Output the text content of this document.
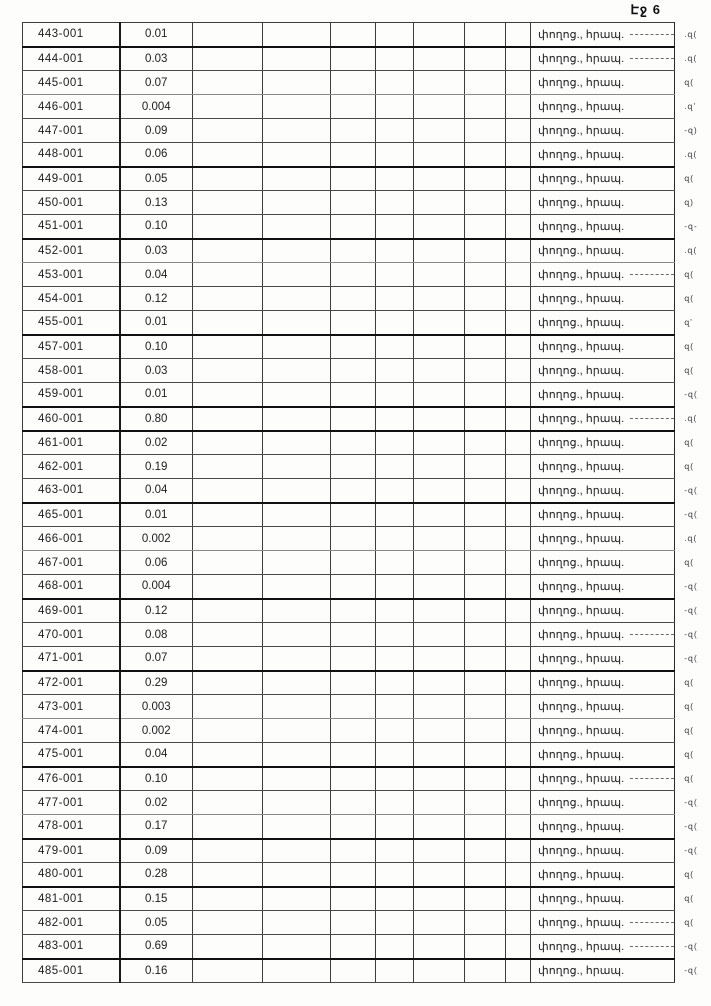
Էջ 6
443-001	0.01								փողոց., հրապ.	.զ(
444-001	0.03								փողոց., հրապ.	.զ(
445-001	0.07								փողոց., հրապ.	զ(
446-001	0.004								փողոց., հրապ.	.զ'
447-001	0.09								փողոց., հրապ.	-զ)
448-001	0.06								փողոց., հրապ.	.զ(
449-001	0.05								փողոց., հրապ.	զ(
450-001	0.13								փողոց., հրապ.	զ)
451-001	0.10								փողոց., հրապ.	-զ-
452-001	0.03								փողոց., հրապ.	.զ(
453-001	0.04								փողոց., հրապ.	զ(
454-001	0.12								փողոց., հրապ.	զ(
455-001	0.01								փողոց., հրապ.	զ'
457-001	0.10								փողոց., հրապ.	զ(
458-001	0.03								փողոց., հրապ.	զ(
459-001	0.01								փողոց., հրապ.	-զ(
460-001	0.80								փողոց., հրապ.	.զ(
461-001	0.02								փողոց., հրապ.	զ(
462-001	0.19								փողոց., հրապ.	զ(
463-001	0.04								փողոց., հրապ.	-զ(
465-001	0.01								փողոց., հրապ.	-զ(
466-001	0.002								փողոց., հրապ.	.զ(
467-001	0.06								փողոց., հրապ.	զ(
468-001	0.004								փողոց., հրապ.	-զ(
469-001	0.12								փողոց., հրապ.	-զ(
470-001	0.08								փողոց., հրապ.	-զ(
471-001	0.07								փողոց., հրապ.	-զ(
472-001	0.29								փողոց., հրապ.	զ(
473-001	0.003								փողոց., հրապ.	զ(
474-001	0.002								փողոց., հրապ.	զ(
475-001	0.04								փողոց., հրապ.	զ(
476-001	0.10								փողոց., հրապ.	զ(
477-001	0.02								փողոց., հրապ.	-զ(
478-001	0.17								փողոց., հրապ.	-զ(
479-001	0.09								փողոց., հրապ.	-զ(
480-001	0.28								փողոց., հրապ.	զ(
481-001	0.15								փողոց., հրապ.	զ(
482-001	0.05								փողոց., հրապ.	զ(
483-001	0.69								փողոց., հրապ.	-զ(
485-001	0.16								փողոց., հրապ.	-զ(
